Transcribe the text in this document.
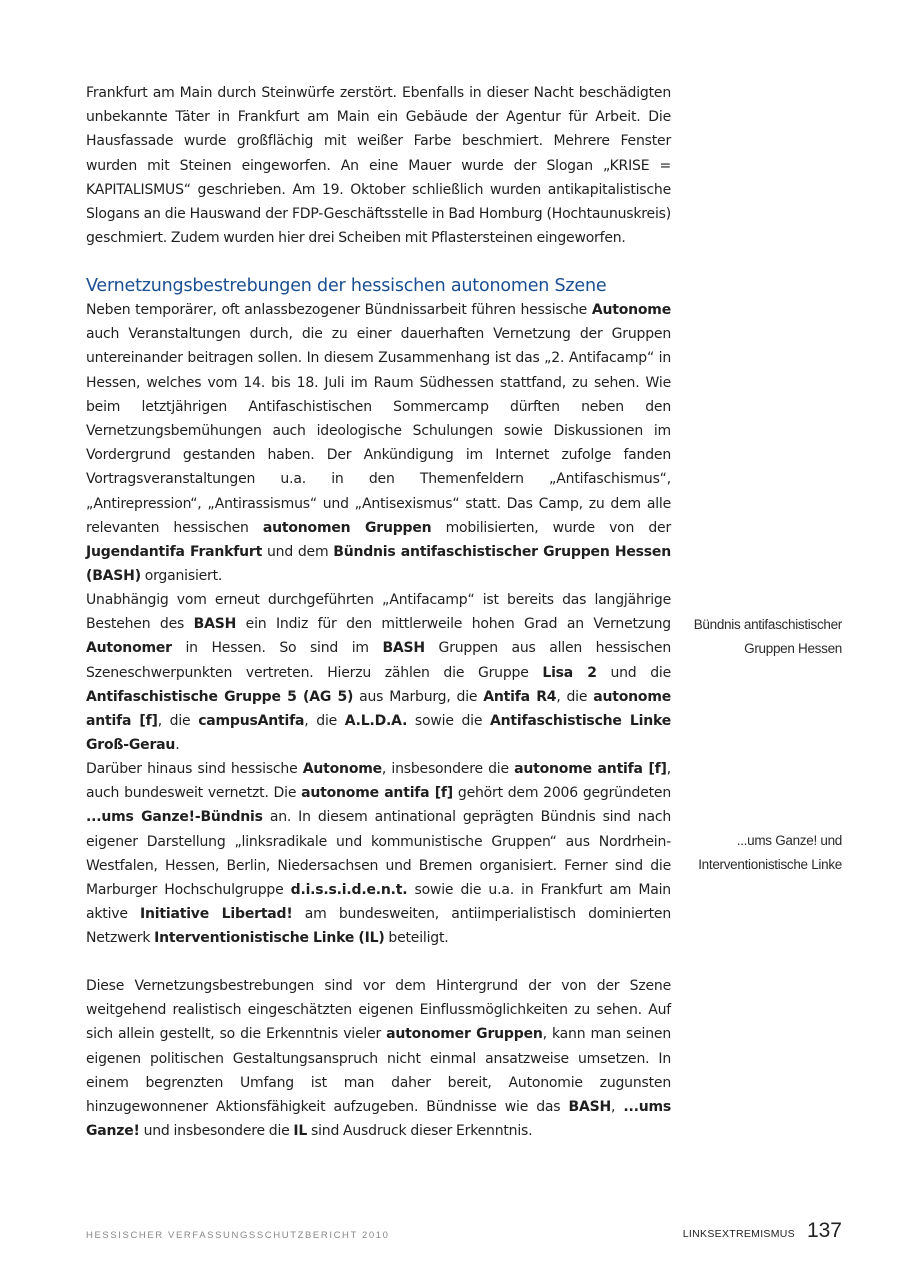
Frankfurt am Main durch Steinwürfe zerstört. Ebenfalls in dieser Nacht beschädigten unbekannte Täter in Frankfurt am Main ein Gebäude der Agentur für Arbeit. Die Hausfassade wurde großflächig mit weißer Farbe beschmiert. Mehrere Fenster wurden mit Steinen eingeworfen. An eine Mauer wurde der Slogan „KRISE = KAPITALISMUS“ geschrieben. Am 19. Oktober schließlich wurden antikapitalistische Slogans an die Hauswand der FDP-Geschäftsstelle in Bad Homburg (Hochtaunuskreis) geschmiert. Zudem wurden hier drei Scheiben mit Pflastersteinen eingeworfen.

Vernetzungsbestrebungen der hessischen autonomen Szene

Neben temporärer, oft anlassbezogener Bündnissarbeit führen hessische Autonome auch Veranstaltungen durch, die zu einer dauerhaften Vernetzung der Gruppen untereinander beitragen sollen. In diesem Zusammenhang ist das „2. Antifacamp“ in Hessen, welches vom 14. bis 18. Juli im Raum Südhessen stattfand, zu sehen. Wie beim letztjährigen Antifaschistischen Sommercamp dürften neben den Vernetzungsbemühungen auch ideologische Schulungen sowie Diskussionen im Vordergrund gestanden haben. Der Ankündigung im Internet zufolge fanden Vortragsveranstaltungen u.a. in den Themenfeldern „Antifaschismus“, „Antirepression“, „Antirassismus“ und „Antisexismus“ statt. Das Camp, zu dem alle relevanten hessischen autonomen Gruppen mobilisierten, wurde von der Jugendantifa Frankfurt und dem Bündnis antifaschistischer Gruppen Hessen (BASH) organisiert.

Unabhängig vom erneut durchgeführten „Antifacamp“ ist bereits das langjährige Bestehen des BASH ein Indiz für den mittlerweile hohen Grad an Vernetzung Autonomer in Hessen. So sind im BASH Gruppen aus allen hessischen Szeneschwerpunkten vertreten. Hierzu zählen die Gruppe Lisa 2 und die Antifaschistische Gruppe 5 (AG 5) aus Marburg, die Antifa R4, die autonome antifa [f], die campusAntifa, die A.L.D.A. sowie die Antifaschistische Linke Groß-Gerau.

Darüber hinaus sind hessische Autonome, insbesondere die autonome antifa [f], auch bundesweit vernetzt. Die autonome antifa [f] gehört dem 2006 gegründeten ...ums Ganze!-Bündnis an. In diesem antinational geprägten Bündnis sind nach eigener Darstellung „linksradikale und kommunistische Gruppen“ aus Nordrhein-Westfalen, Hessen, Berlin, Niedersachsen und Bremen organisiert. Ferner sind die Marburger Hochschulgruppe d.i.s.s.i.d.e.n.t. sowie die u.a. in Frankfurt am Main aktive Initiative Libertad! am bundesweiten, antiimperialistisch dominierten Netzwerk Interventionistische Linke (IL) beteiligt.

Diese Vernetzungsbestrebungen sind vor dem Hintergrund der von der Szene weitgehend realistisch eingeschätzten eigenen Einflussmöglichkeiten zu sehen. Auf sich allein gestellt, so die Erkenntnis vieler autonomer Gruppen, kann man seinen eigenen politischen Gestaltungsanspruch nicht einmal ansatzweise umsetzen. In einem begrenzten Umfang ist man daher bereit, Autonomie zugunsten hinzugewonnener Aktionsfähigkeit aufzugeben. Bündnisse wie das BASH, ...ums Ganze! und insbesondere die IL sind Ausdruck dieser Erkenntnis.

Bündnis antifaschistischer
Gruppen Hessen
...ums Ganze! und
Interventionistische Linke
HESSISCHER VERFASSUNGSSCHUTZBERICHT 2010	LINKSEXTREMISMUS 137
